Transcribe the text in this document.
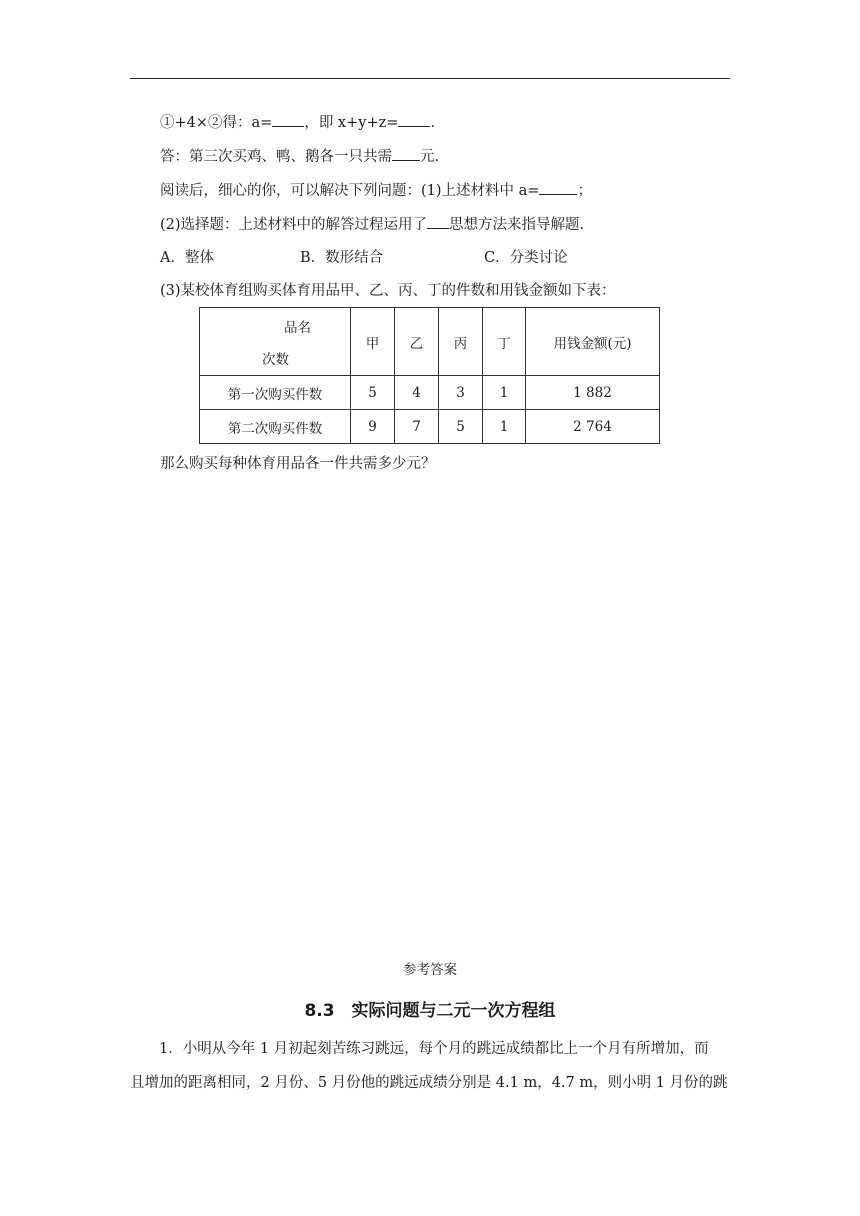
①+4×②得：a= ，即 x+y+z= .
答：第三次买鸡、鸭、鹅各一只共需 元.
阅读后，细心的你，可以解决下列问题：(1)上述材料中 a=	；
(2)选择题：上述材料中的解答过程运用了 思想方法来指导解题.
A．整体	B．数形结合	C．分类讨论
(3)某校体育组购买体育用品甲、乙、丙、丁的件数和用钱金额如下表：
品名
次数	甲	乙	丙	丁	用钱金额(元)
第一次购买件数	5	4	3	1	1 882
第二次购买件数	9	7	5	1	2 764
那么购买每种体育用品各一件共需多少元？
参考答案
8.3　实际问题与二元一次方程组
1．小明从今年 1 月初起刻苦练习跳远，每个月的跳远成绩都比上一个月有所增加，而
且增加的距离相同，2 月份、5 月份他的跳远成绩分别是 4.1 m，4.7 m，则小明 1 月份的跳
